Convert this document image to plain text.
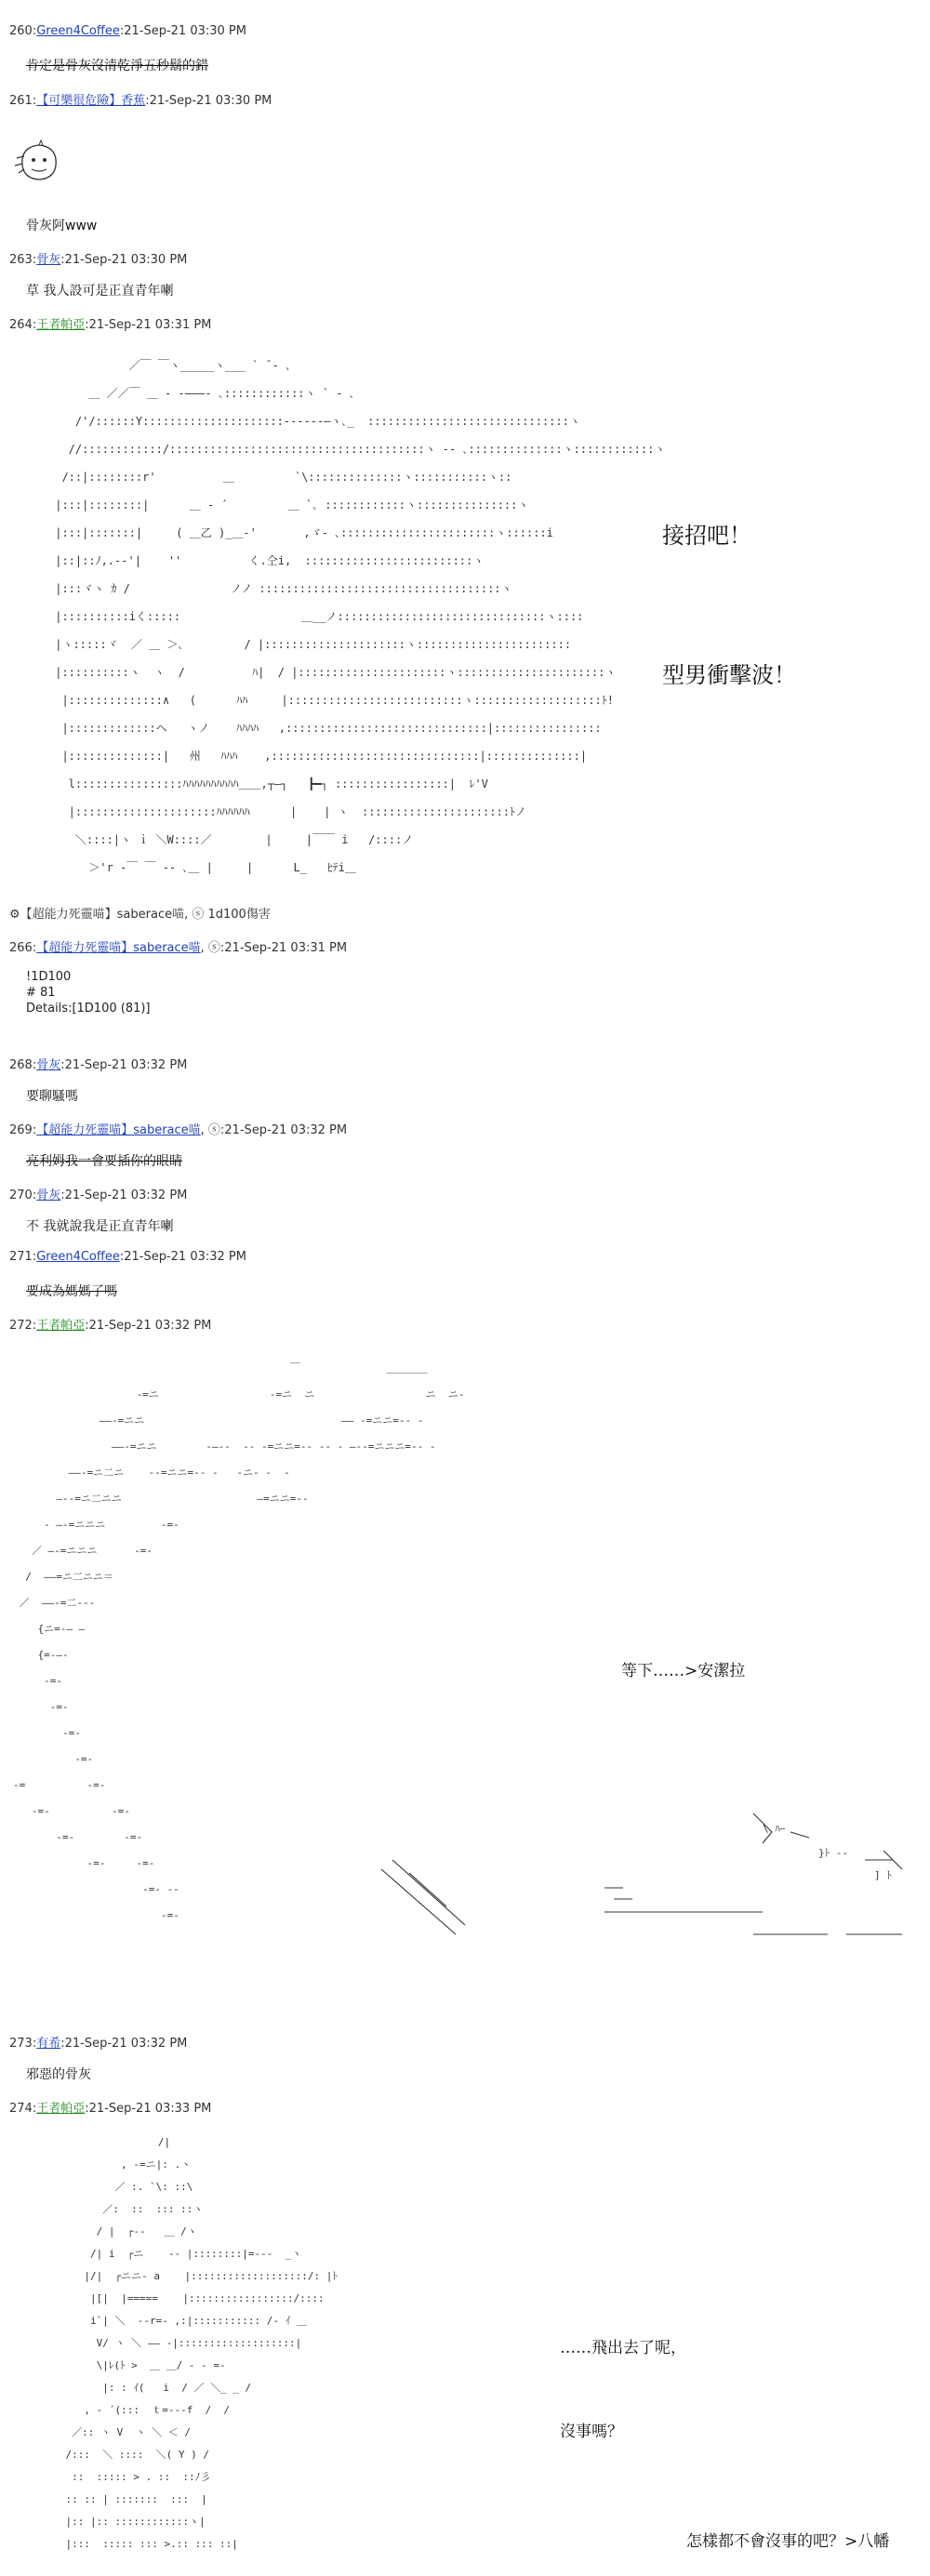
260:Green4Coffee:21-Sep-21 03:30 PM
肯定是骨灰沒清乾淨五秒鬍的錯
261:【可樂很危險】香蕉:21-Sep-21 03:30 PM
骨灰阿www
263:骨灰:21-Sep-21 03:30 PM
草 我人設可是正直青年喇
264:王者帕亞:21-Sep-21 03:31 PM
／￣ ￣ヽ_____ヽ___ ` ̄ ‐ ､
＿ ／／￣ ＿ ‐ ‐―――‐ ､::::::::::::ヽ ` ‐ ､
/'/::::::Y:::::::::::::::::::::‐‐‐‐‐‐―ヽ､_  ::::::::::::::::::::::::::::::ヽ
//::::::::::::/::::::::::::::::::::::::::::::::::::::ヽ ‐‐ ､::::::::::::::ヽ::::::::::::ヽ
/::|::::::::r'          ＿         `\::::::::::::::ヽ:::::::::::ヽ::
|:::|::::::::|      ＿ ‐ ´         ＿ `､ ::::::::::::ヽ:::::::::::::::ヽ
|:::|:::::::|     ( ＿乙 )_＿‐'       ,ゞ‐ ､:::::::::::::::::::::::ヽ::::::i
|::|::ﾉ,.-‐'|    ''          く.仝i,  :::::::::::::::::::::::::ヽ
|:::ヾヽ ｶ /               ノノ ::::::::::::::::::::::::::::::::::::ヽ
|::::::::::iく:::::                  ＿__ノ:::::::::::::::::::::::::::::::ヽ::::
|ヽ:::::ヾ  ／ ＿ ＞､         / |:::::::::::::::::::::ヽ:::::::::::::::::::::::
|::::::::::ヽ  ヽ  /          ﾊ|  / |::::::::::::::::::::::ヽ::::::::::::::::::::::ヽ
|::::::::::::::∧   (      ﾊﾊ     |::::::::::::::::::::::::::ヽ:::::::::::::::::::ﾄ!
|:::::::::::::ヘ   ヽノ    ﾊﾊﾊﾊ   ,::::::::::::::::::::::::::::::|::::::::::::::::
|::::::::::::::|   州   ﾊﾊﾊ    ,:::::::::::::::::::::::::::::::|::::::::::::::|
l::::::::::::::::ﾊﾊﾊﾊﾊﾊﾊﾊﾊﾊ＿＿,┬―┐   ┣━┐ :::::::::::::::::|  ﾚ'V
|:::::::::::::::::::::ﾊﾊﾊﾊﾊﾊ      |    | ヽ  ::::::::::::::::::::::ﾄノ
＼::::|ヽ ｉ ＼W::::／        |     |￣￣ i   /::::ノ
＞'r ‐￣ ￣ ‐‐ ､＿ |     |      L_   ﾋﾃi＿
接招吧！
型男衝擊波！
⚙【超能力死靈喵】saberace喵, ⓢ 1d100傷害
266:【超能力死靈喵】saberace喵, ⓢ:21-Sep-21 03:31 PM
!1D100
# 81
Details:[1D100 (81)]
268:骨灰:21-Sep-21 03:32 PM
要聊騷嗎
269:【超能力死靈喵】saberace喵, ⓢ:21-Sep-21 03:32 PM
亮利姆我一會要插你的眼睛
270:骨灰:21-Sep-21 03:32 PM
不 我就說我是正直青年喇
271:Green4Coffee:21-Sep-21 03:32 PM
要成為媽媽了嗎
272:王者帕亞:21-Sep-21 03:32 PM
￣              ＿＿＿＿
‐=ニ                  ‐=ニ  ニ                  ニ  ニ‐
――‐=ニニ                                ―― ‐=ニニ=‐‐ ‐
――‐=ニニ        ‐―‐‐  ‐‐ ‐=ニニ=‐‐ ‐‐ ‐ ―‐‐=ニニニ=‐‐ ‐
――‐=ニ二ニ    ‐‐=ニニ=‐‐ ‐   ‐ニ‐ ‐  ‐
―‐‐=ニ二ニニ                      ―=ニニ=‐‐
‐ ―‐=ニニニ         ‐=‐
／ ―‐=ニニニ      ‐=‐
/  ――=ニ二ニニ＝
／  ――‐=二‐‐‐
{ニ=‐― ―
{=‐―‐
‐=‐
‐=‐
‐=‐
‐=‐
‐=          ‐=‐
‐=‐          ‐=‐
‐=‐        ‐=‐
‐=‐     ‐=‐
‐=‐ ‐‐
‐=‐
等下……>安潔拉
\ ﾊｰ
}ﾄ ‐‐
] ﾄ
273:有希:21-Sep-21 03:32 PM
邪惡的骨灰
274:王者帕亞:21-Sep-21 03:33 PM
/|
, ‐=ニ|: .ヽ
／ :. `\: ::\
／:  ::  ::: ::ヽ
/ |  ┌‐‐   ＿ /ヽ
/| i  ┌ニ    ‐‐ |::::::::|=‐‐‐  _ヽ
|/|  ┌ニニ‐ a    |:::::::::::::::::::/: |ﾄ
|[|  |=====    |:::::::::::::::::/::::
i`| ＼  ‐‐r=‐ ,:|::::::::::: /‐ ｲ ＿
V/ ヽ ＼ ―― ‐|:::::::::::::::::::|
\|ﾚ(ﾄ >  ＿ ＿/ ‐ ‐ =‐
|: : ｲ(   i  / ／ ＼_ _ /
, ‐ ´(:::  ｔ=‐‐‐f  /  /
／:: ヽ V  ヽ ＼ ＜ /
/:::  ＼ ::::  ＼( Y ) /
::  ::::: > . ::  ::ﾉ彡
:: :: | :::::::  :::  |
|:: |:: ::::::::::::ヽ|
|:::  ::::: ::: >.:: ::: ::|
……飛出去了呢，
沒事嗎？
怎樣都不會沒事的吧？>八幡
